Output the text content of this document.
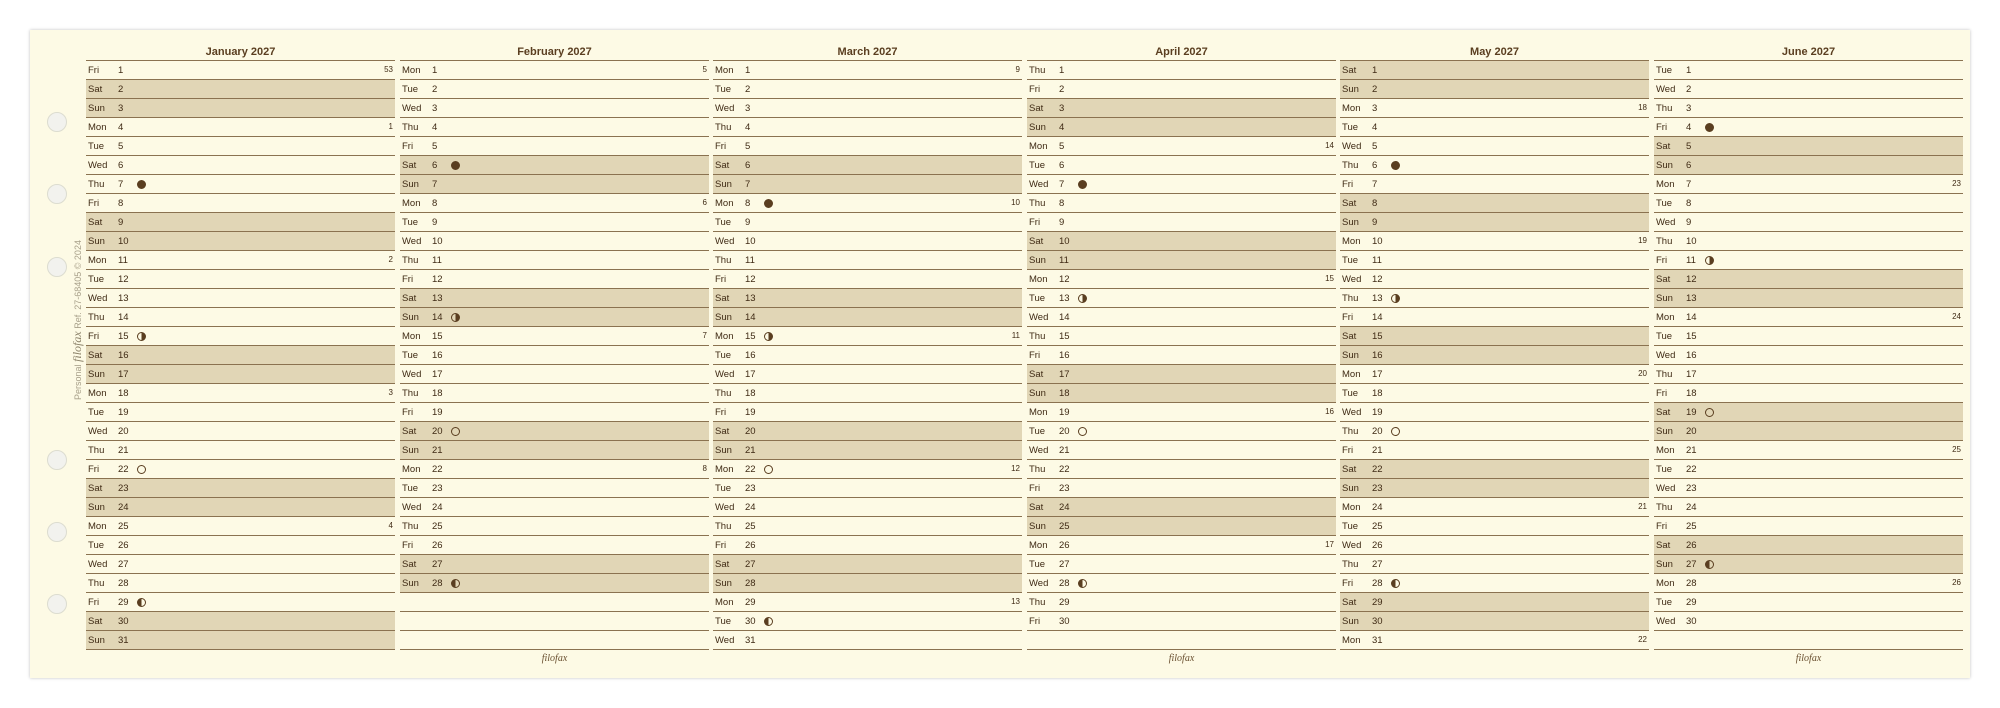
Personal filofax Ref. 27-68405 © 2024
January 2027
Fri 1	53
Sat 2
Sun 3
Mon 4	1
Tue 5
Wed 6
Thu 7
Fri 8
Sat 9
Sun 10
Mon 11	2
Tue 12
Wed 13
Thu 14
Fri 15
Sat 16
Sun 17
Mon 18	3
Tue 19
Wed 20
Thu 21
Fri 22
Sat 23
Sun 24
Mon 25	4
Tue 26
Wed 27
Thu 28
Fri 29
Sat 30
Sun 31
February 2027
Mon 1	5
Tue 2
Wed 3
Thu 4
Fri 5
Sat 6
Sun 7
Mon 8	6
Tue 9
Wed 10
Thu 11
Fri 12
Sat 13
Sun 14
Mon 15	7
Tue 16
Wed 17
Thu 18
Fri 19
Sat 20
Sun 21
Mon 22	8
Tue 23
Wed 24
Thu 25
Fri 26
Sat 27
Sun 28
filofax
March 2027
Mon 1	9
Tue 2
Wed 3
Thu 4
Fri 5
Sat 6
Sun 7
Mon 8	10
Tue 9
Wed 10
Thu 11
Fri 12
Sat 13
Sun 14
Mon 15	11
Tue 16
Wed 17
Thu 18
Fri 19
Sat 20
Sun 21
Mon 22	12
Tue 23
Wed 24
Thu 25
Fri 26
Sat 27
Sun 28
Mon 29	13
Tue 30
Wed 31
April 2027
Thu 1
Fri 2
Sat 3
Sun 4
Mon 5	14
Tue 6
Wed 7
Thu 8
Fri 9
Sat 10
Sun 11
Mon 12	15
Tue 13
Wed 14
Thu 15
Fri 16
Sat 17
Sun 18
Mon 19	16
Tue 20
Wed 21
Thu 22
Fri 23
Sat 24
Sun 25
Mon 26	17
Tue 27
Wed 28
Thu 29
Fri 30
filofax
May 2027
Sat 1
Sun 2
Mon 3	18
Tue 4
Wed 5
Thu 6
Fri 7
Sat 8
Sun 9
Mon 10	19
Tue 11
Wed 12
Thu 13
Fri 14
Sat 15
Sun 16
Mon 17	20
Tue 18
Wed 19
Thu 20
Fri 21
Sat 22
Sun 23
Mon 24	21
Tue 25
Wed 26
Thu 27
Fri 28
Sat 29
Sun 30
Mon 31	22
June 2027
Tue 1
Wed 2
Thu 3
Fri 4
Sat 5
Sun 6
Mon 7	23
Tue 8
Wed 9
Thu 10
Fri 11
Sat 12
Sun 13
Mon 14	24
Tue 15
Wed 16
Thu 17
Fri 18
Sat 19
Sun 20
Mon 21	25
Tue 22
Wed 23
Thu 24
Fri 25
Sat 26
Sun 27
Mon 28	26
Tue 29
Wed 30
filofax
